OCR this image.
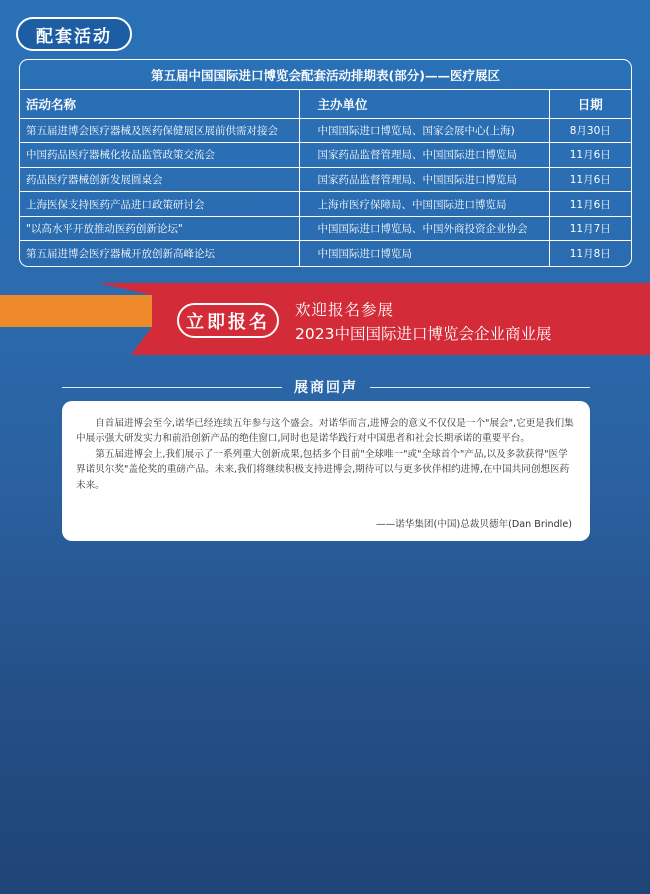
配套活动
第五届中国国际进口博览会配套活动排期表(部分)——医疗展区
活动名称	主办单位	日期
第五届进博会医疗器械及医药保健展区展前供需对接会	中国国际进口博览局、国家会展中心(上海)	8月30日
中国药品医疗器械化妆品监管政策交流会	国家药品监督管理局、中国国际进口博览局	11月6日
药品医疗器械创新发展圆桌会	国家药品监督管理局、中国国际进口博览局	11月6日
上海医保支持医药产品进口政策研讨会	上海市医疗保障局、中国国际进口博览局	11月6日
"以高水平开放推动医药创新论坛"	中国国际进口博览局、中国外商投资企业协会	11月7日
第五届进博会医疗器械开放创新高峰论坛	中国国际进口博览局	11月8日
立即报名
欢迎报名参展
2023中国国际进口博览会企业商业展
展商回声

自首届进博会至今,诺华已经连续五年参与这个盛会。对诺华而言,进博会的意义不仅仅是一个"展会",它更是我们集中展示强大研发实力和前沿创新产品的绝佳窗口,同时也是诺华践行对中国患者和社会长期承诺的重要平台。

第五届进博会上,我们展示了一系列重大创新成果,包括多个目前"全球唯一"或"全球首个"产品,以及多款获得"医学界诺贝尔奖"盖伦奖的重磅产品。未来,我们将继续积极支持进博会,期待可以与更多伙伴相约进博,在中国共同创想医药未来。

——诺华集团(中国)总裁贝德年(Dan Brindle)
